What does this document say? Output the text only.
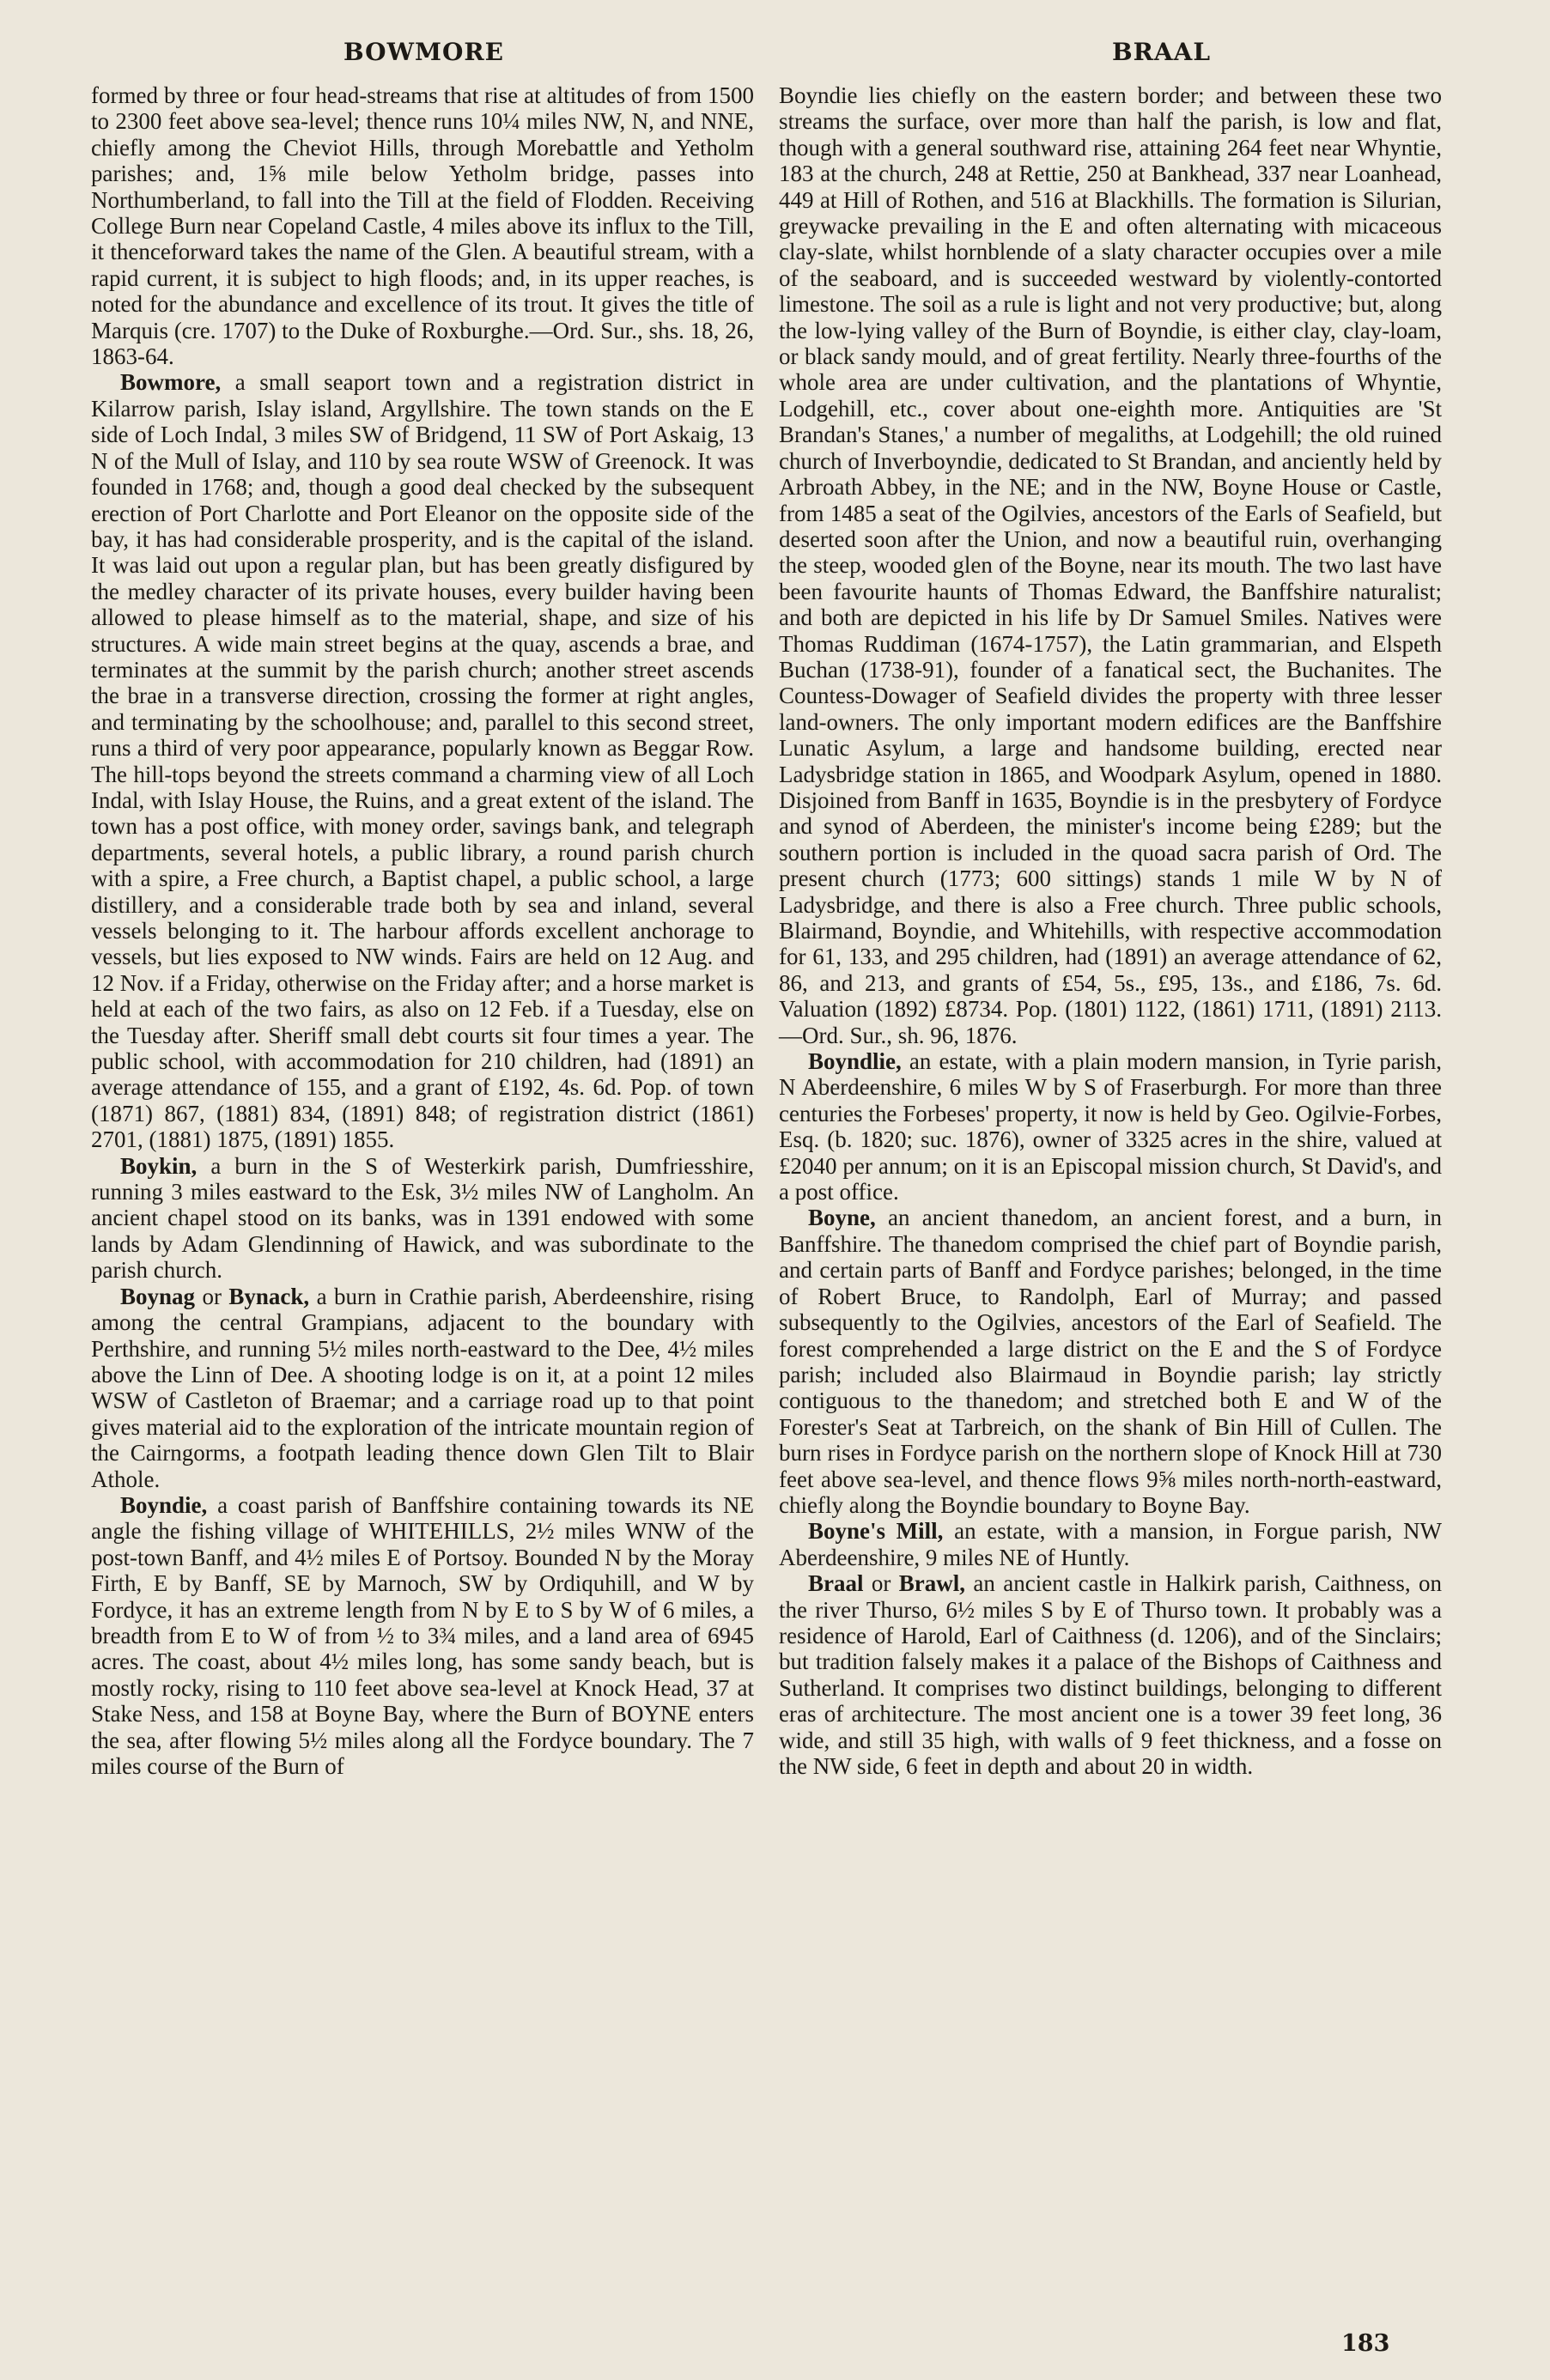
BOWMORE	BRAAL

formed by three or four head-streams that rise at altitudes of from 1500 to 2300 feet above sea-level; thence runs 10¼ miles NW, N, and NNE, chiefly among the Cheviot Hills, through Morebattle and Yetholm parishes; and, 1⅝ mile below Yetholm bridge, passes into Northumberland, to fall into the Till at the field of Flodden. Receiving College Burn near Copeland Castle, 4 miles above its influx to the Till, it thenceforward takes the name of the Glen. A beautiful stream, with a rapid current, it is subject to high floods; and, in its upper reaches, is noted for the abundance and excellence of its trout. It gives the title of Marquis (cre. 1707) to the Duke of Roxburghe.—Ord. Sur., shs. 18, 26, 1863-64.

Bowmore, a small seaport town and a registration district in Kilarrow parish, Islay island, Argyllshire. The town stands on the E side of Loch Indal, 3 miles SW of Bridgend, 11 SW of Port Askaig, 13 N of the Mull of Islay, and 110 by sea route WSW of Greenock. It was founded in 1768; and, though a good deal checked by the subsequent erection of Port Charlotte and Port Eleanor on the opposite side of the bay, it has had considerable prosperity, and is the capital of the island. It was laid out upon a regular plan, but has been greatly disfigured by the medley character of its private houses, every builder having been allowed to please himself as to the material, shape, and size of his structures. A wide main street begins at the quay, ascends a brae, and terminates at the summit by the parish church; another street ascends the brae in a transverse direction, crossing the former at right angles, and terminating by the schoolhouse; and, parallel to this second street, runs a third of very poor appearance, popularly known as Beggar Row. The hill-tops beyond the streets command a charming view of all Loch Indal, with Islay House, the Ruins, and a great extent of the island. The town has a post office, with money order, savings bank, and telegraph departments, several hotels, a public library, a round parish church with a spire, a Free church, a Baptist chapel, a public school, a large distillery, and a considerable trade both by sea and inland, several vessels belonging to it. The harbour affords excellent anchorage to vessels, but lies exposed to NW winds. Fairs are held on 12 Aug. and 12 Nov. if a Friday, otherwise on the Friday after; and a horse market is held at each of the two fairs, as also on 12 Feb. if a Tuesday, else on the Tuesday after. Sheriff small debt courts sit four times a year. The public school, with accommodation for 210 children, had (1891) an average attendance of 155, and a grant of £192, 4s. 6d. Pop. of town (1871) 867, (1881) 834, (1891) 848; of registration district (1861) 2701, (1881) 1875, (1891) 1855.

Boykin, a burn in the S of Westerkirk parish, Dumfriesshire, running 3 miles eastward to the Esk, 3½ miles NW of Langholm. An ancient chapel stood on its banks, was in 1391 endowed with some lands by Adam Glendinning of Hawick, and was subordinate to the parish church.

Boynag or Bynack, a burn in Crathie parish, Aberdeenshire, rising among the central Grampians, adjacent to the boundary with Perthshire, and running 5½ miles north-eastward to the Dee, 4½ miles above the Linn of Dee. A shooting lodge is on it, at a point 12 miles WSW of Castleton of Braemar; and a carriage road up to that point gives material aid to the exploration of the intricate mountain region of the Cairngorms, a footpath leading thence down Glen Tilt to Blair Athole.

Boyndie, a coast parish of Banffshire containing towards its NE angle the fishing village of WHITEHILLS, 2½ miles WNW of the post-town Banff, and 4½ miles E of Portsoy. Bounded N by the Moray Firth, E by Banff, SE by Marnoch, SW by Ordiquhill, and W by Fordyce, it has an extreme length from N by E to S by W of 6 miles, a breadth from E to W of from ½ to 3¾ miles, and a land area of 6945 acres. The coast, about 4½ miles long, has some sandy beach, but is mostly rocky, rising to 110 feet above sea-level at Knock Head, 37 at Stake Ness, and 158 at Boyne Bay, where the Burn of BOYNE enters the sea, after flowing 5½ miles along all the Fordyce boundary. The 7 miles course of the Burn of

Boyndie lies chiefly on the eastern border; and between these two streams the surface, over more than half the parish, is low and flat, though with a general southward rise, attaining 264 feet near Whyntie, 183 at the church, 248 at Rettie, 250 at Bankhead, 337 near Loanhead, 449 at Hill of Rothen, and 516 at Blackhills. The formation is Silurian, greywacke prevailing in the E and often alternating with micaceous clay-slate, whilst hornblende of a slaty character occupies over a mile of the seaboard, and is succeeded westward by violently-contorted limestone. The soil as a rule is light and not very productive; but, along the low-lying valley of the Burn of Boyndie, is either clay, clay-loam, or black sandy mould, and of great fertility. Nearly three-fourths of the whole area are under cultivation, and the plantations of Whyntie, Lodgehill, etc., cover about one-eighth more. Antiquities are 'St Brandan's Stanes,' a number of megaliths, at Lodgehill; the old ruined church of Inverboyndie, dedicated to St Brandan, and anciently held by Arbroath Abbey, in the NE; and in the NW, Boyne House or Castle, from 1485 a seat of the Ogilvies, ancestors of the Earls of Seafield, but deserted soon after the Union, and now a beautiful ruin, overhanging the steep, wooded glen of the Boyne, near its mouth. The two last have been favourite haunts of Thomas Edward, the Banffshire naturalist; and both are depicted in his life by Dr Samuel Smiles. Natives were Thomas Ruddiman (1674-1757), the Latin grammarian, and Elspeth Buchan (1738-91), founder of a fanatical sect, the Buchanites. The Countess-Dowager of Seafield divides the property with three lesser land-owners. The only important modern edifices are the Banffshire Lunatic Asylum, a large and handsome building, erected near Ladysbridge station in 1865, and Woodpark Asylum, opened in 1880. Disjoined from Banff in 1635, Boyndie is in the presbytery of Fordyce and synod of Aberdeen, the minister's income being £289; but the southern portion is included in the quoad sacra parish of Ord. The present church (1773; 600 sittings) stands 1 mile W by N of Ladysbridge, and there is also a Free church. Three public schools, Blairmand, Boyndie, and Whitehills, with respective accommodation for 61, 133, and 295 children, had (1891) an average attendance of 62, 86, and 213, and grants of £54, 5s., £95, 13s., and £186, 7s. 6d. Valuation (1892) £8734. Pop. (1801) 1122, (1861) 1711, (1891) 2113.—Ord. Sur., sh. 96, 1876.

Boyndlie, an estate, with a plain modern mansion, in Tyrie parish, N Aberdeenshire, 6 miles W by S of Fraserburgh. For more than three centuries the Forbeses' property, it now is held by Geo. Ogilvie-Forbes, Esq. (b. 1820; suc. 1876), owner of 3325 acres in the shire, valued at £2040 per annum; on it is an Episcopal mission church, St David's, and a post office.

Boyne, an ancient thanedom, an ancient forest, and a burn, in Banffshire. The thanedom comprised the chief part of Boyndie parish, and certain parts of Banff and Fordyce parishes; belonged, in the time of Robert Bruce, to Randolph, Earl of Murray; and passed subsequently to the Ogilvies, ancestors of the Earl of Seafield. The forest comprehended a large district on the E and the S of Fordyce parish; included also Blairmaud in Boyndie parish; lay strictly contiguous to the thanedom; and stretched both E and W of the Forester's Seat at Tarbreich, on the shank of Bin Hill of Cullen. The burn rises in Fordyce parish on the northern slope of Knock Hill at 730 feet above sea-level, and thence flows 9⅝ miles north-north-eastward, chiefly along the Boyndie boundary to Boyne Bay.

Boyne's Mill, an estate, with a mansion, in Forgue parish, NW Aberdeenshire, 9 miles NE of Huntly.

Braal or Brawl, an ancient castle in Halkirk parish, Caithness, on the river Thurso, 6½ miles S by E of Thurso town. It probably was a residence of Harold, Earl of Caithness (d. 1206), and of the Sinclairs; but tradition falsely makes it a palace of the Bishops of Caithness and Sutherland. It comprises two distinct buildings, belonging to different eras of architecture. The most ancient one is a tower 39 feet long, 36 wide, and still 35 high, with walls of 9 feet thickness, and a fosse on the NW side, 6 feet in depth and about 20 in width.

183
